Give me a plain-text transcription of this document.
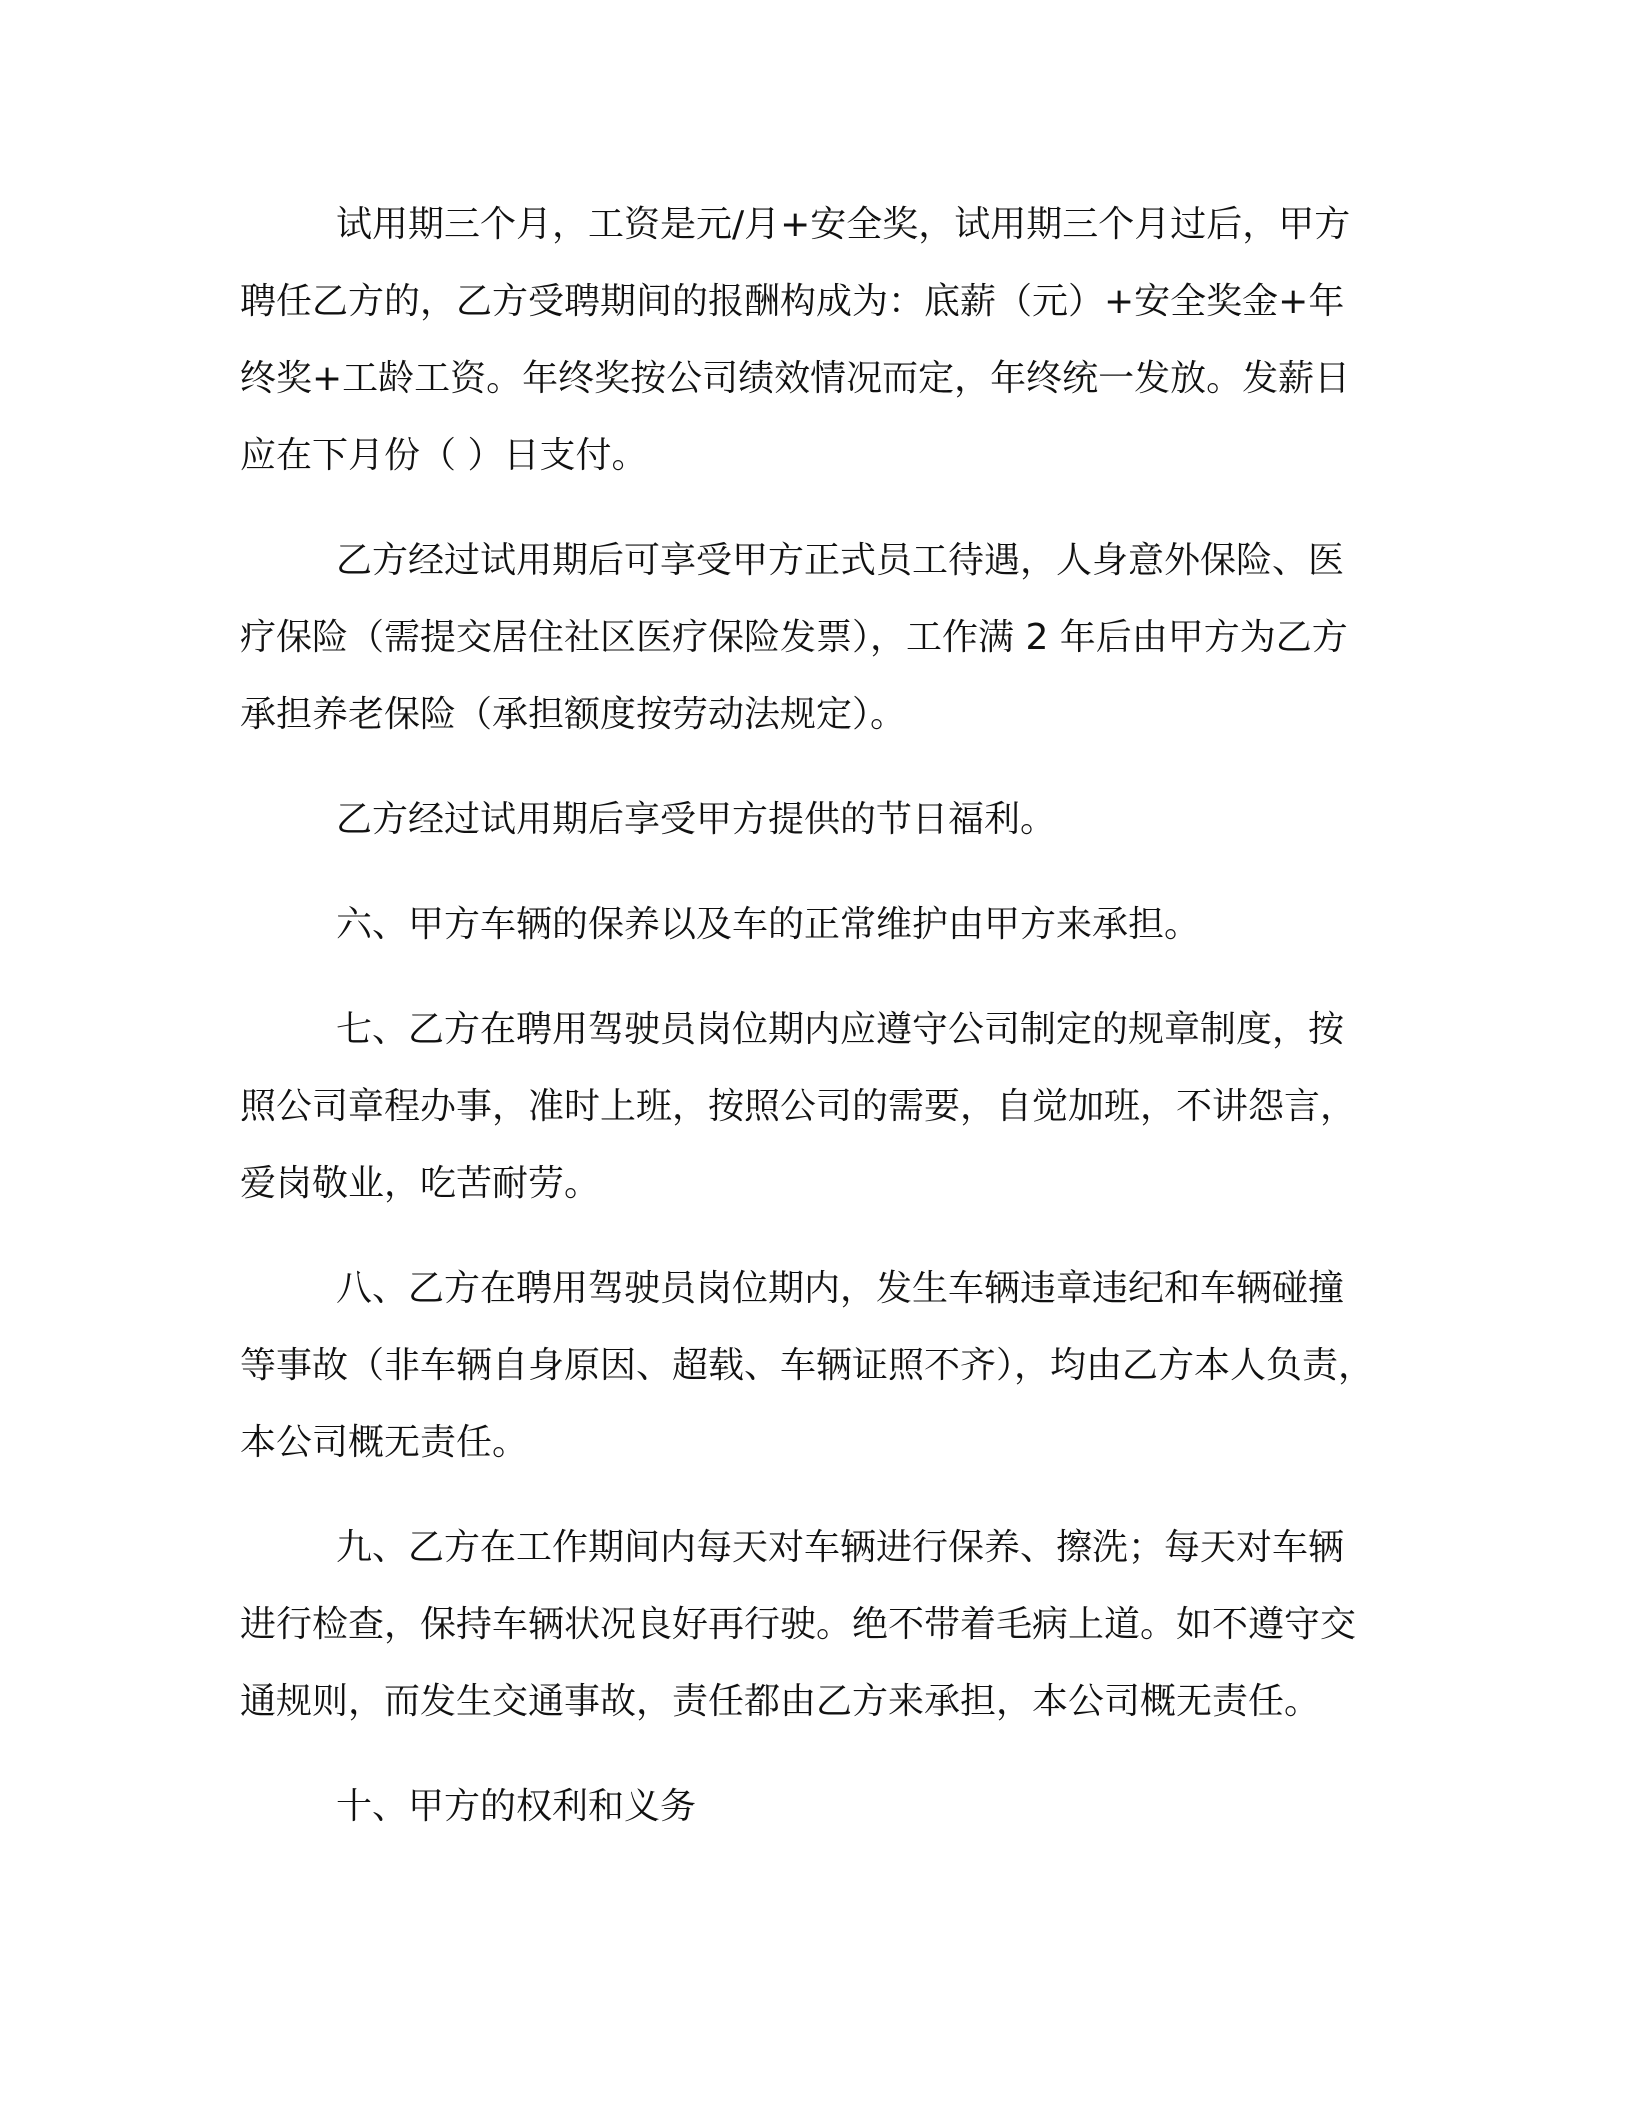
试用期三个月，工资是元/月+安全奖，试用期三个月过后，甲方聘任乙方的，乙方受聘期间的报酬构成为：底薪（元）+安全奖金+年终奖+工龄工资。年终奖按公司绩效情况而定，年终统一发放。发薪日应在下月份（ ）日支付。

乙方经过试用期后可享受甲方正式员工待遇，人身意外保险、医疗保险（需提交居住社区医疗保险发票），工作满 2 年后由甲方为乙方承担养老保险（承担额度按劳动法规定）。

乙方经过试用期后享受甲方提供的节日福利。

六、甲方车辆的保养以及车的正常维护由甲方来承担。

七、乙方在聘用驾驶员岗位期内应遵守公司制定的规章制度，按照公司章程办事，准时上班，按照公司的需要，自觉加班，不讲怨言，爱岗敬业，吃苦耐劳。

八、乙方在聘用驾驶员岗位期内，发生车辆违章违纪和车辆碰撞等事故（非车辆自身原因、超载、车辆证照不齐），均由乙方本人负责，本公司概无责任。

九、乙方在工作期间内每天对车辆进行保养、擦洗；每天对车辆进行检查，保持车辆状况良好再行驶。绝不带着毛病上道。如不遵守交通规则，而发生交通事故，责任都由乙方来承担，本公司概无责任。

十、甲方的权利和义务
